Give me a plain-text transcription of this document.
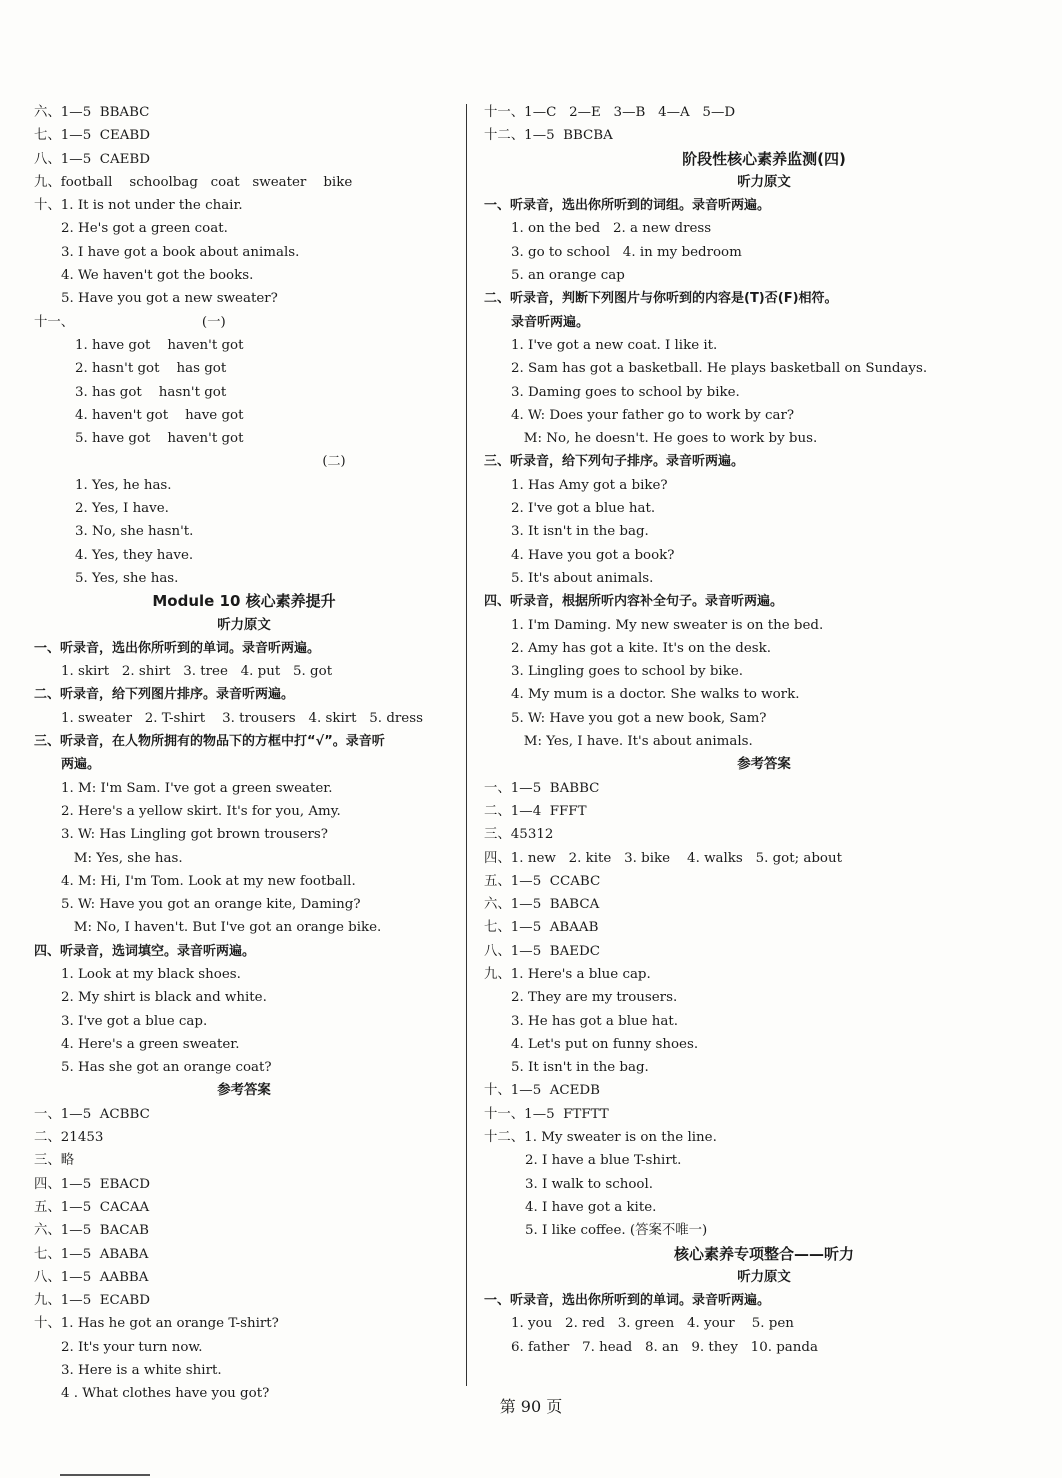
六、1—5  BBABC
七、1—5  CEABD
八、1—5  CAEBD
九、football    schoolbag   coat   sweater    bike
十、1. It is not under the chair.
2. He's got a green coat.
3. I have got a book about animals.
4. We haven't got the books.
5. Have you got a new sweater?
十一、                              (一)
1. have got    haven't got
2. hasn't got    has got
3. has got    hasn't got
4. haven't got    have got
5. have got    haven't got
(二)
1. Yes, he has.
2. Yes, I have.
3. No, she hasn't.
4. Yes, they have.
5. Yes, she has.
Module 10 核心素养提升
听力原文
一、听录音，选出你所听到的单词。录音听两遍。
1. skirt   2. shirt   3. tree   4. put   5. got
二、听录音，给下列图片排序。录音听两遍。
1. sweater   2. T-shirt    3. trousers   4. skirt   5. dress
三、听录音，在人物所拥有的物品下的方框中打“√”。录音听
两遍。
1. M: I'm Sam. I've got a green sweater.
2. Here's a yellow skirt. It's for you, Amy.
3. W: Has Lingling got brown trousers?
M: Yes, she has.
4. M: Hi, I'm Tom. Look at my new football.
5. W: Have you got an orange kite, Daming?
M: No, I haven't. But I've got an orange bike.
四、听录音，选词填空。录音听两遍。
1. Look at my black shoes.
2. My shirt is black and white.
3. I've got a blue cap.
4. Here's a green sweater.
5. Has she got an orange coat?
参考答案
一、1—5  ACBBC
二、21453
三、略
四、1—5  EBACD
五、1—5  CACAA
六、1—5  BACAB
七、1—5  ABABA
八、1—5  AABBA
九、1—5  ECABD
十、1. Has he got an orange T-shirt?
2. It's your turn now.
3. Here is a white shirt.
4 . What clothes have you got?
十一、1—C   2—E   3—B   4—A   5—D
十二、1—5  BBCBA
阶段性核心素养监测(四)
听力原文
一、听录音，选出你所听到的词组。录音听两遍。
1. on the bed   2. a new dress
3. go to school   4. in my bedroom
5. an orange cap
二、听录音，判断下列图片与你听到的内容是(T)否(F)相符。
录音听两遍。
1. I've got a new coat. I like it.
2. Sam has got a basketball. He plays basketball on Sundays.
3. Daming goes to school by bike.
4. W: Does your father go to work by car?
M: No, he doesn't. He goes to work by bus.
三、听录音，给下列句子排序。录音听两遍。
1. Has Amy got a bike?
2. I've got a blue hat.
3. It isn't in the bag.
4. Have you got a book?
5. It's about animals.
四、听录音，根据所听内容补全句子。录音听两遍。
1. I'm Daming. My new sweater is on the bed.
2. Amy has got a kite. It's on the desk.
3. Lingling goes to school by bike.
4. My mum is a doctor. She walks to work.
5. W: Have you got a new book, Sam?
M: Yes, I have. It's about animals.
参考答案
一、1—5  BABBC
二、1—4  FFFT
三、45312
四、1. new   2. kite   3. bike    4. walks   5. got; about
五、1—5  CCABC
六、1—5  BABCA
七、1—5  ABAAB
八、1—5  BAEDC
九、1. Here's a blue cap.
2. They are my trousers.
3. He has got a blue hat.
4. Let's put on funny shoes.
5. It isn't in the bag.
十、1—5  ACEDB
十一、1—5  FTFTT
十二、1. My sweater is on the line.
2. I have a blue T-shirt.
3. I walk to school.
4. I have got a kite.
5. I like coffee. (答案不唯一)
核心素养专项整合——听力
听力原文
一、听录音，选出你所听到的单词。录音听两遍。
1. you   2. red   3. green   4. your    5. pen
6. father   7. head   8. an   9. they   10. panda
第 90 页
